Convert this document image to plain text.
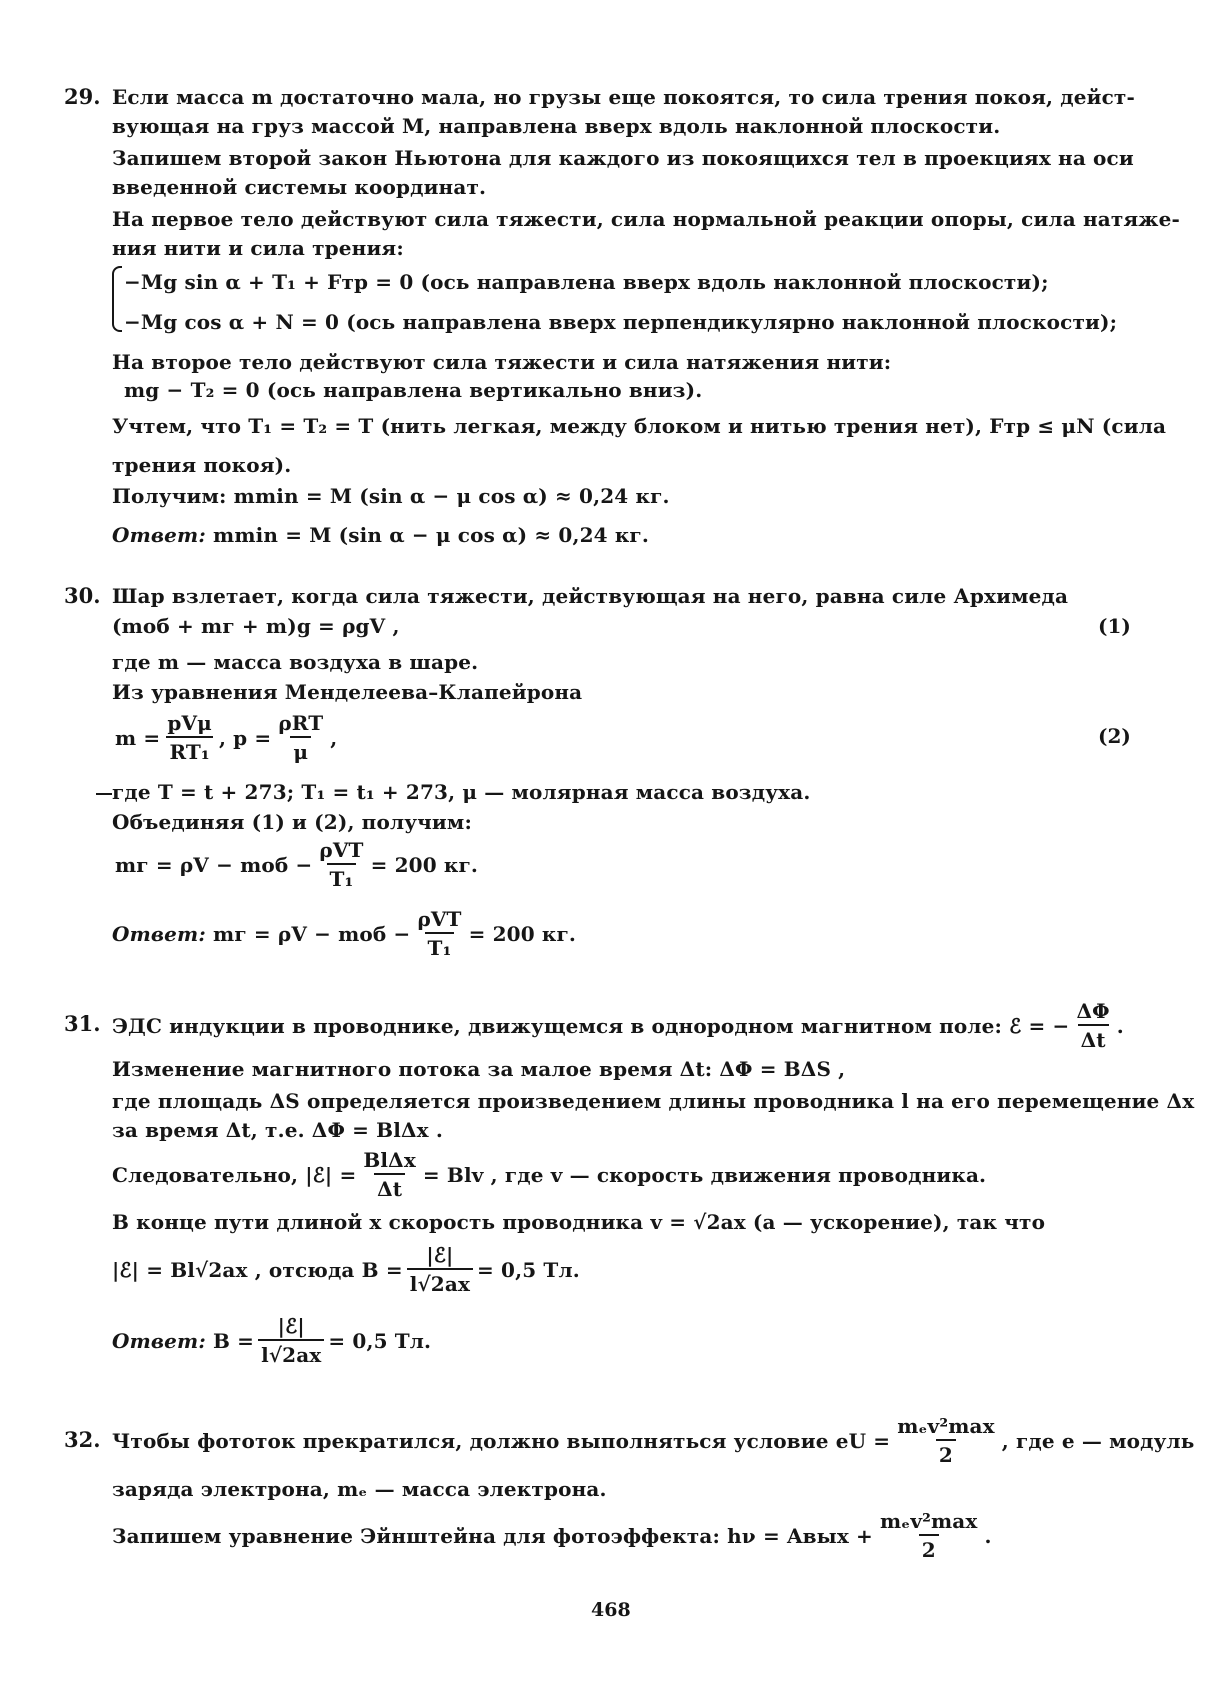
29. Если масса m достаточно мала, но грузы еще покоятся, то сила трения покоя, дейст-
вующая на груз массой M, направлена вверх вдоль наклонной плоскости.
Запишем второй закон Ньютона для каждого из покоящихся тел в проекциях на оси
введенной системы координат.
На первое тело действуют сила тяжести, сила нормальной реакции опоры, сила натяже-
ния нити и сила трения:
−Mg sin α + T₁ + Fтр = 0 (ось направлена вверх вдоль наклонной плоскости);
−Mg cos α + N = 0 (ось направлена вверх перпендикулярно наклонной плоскости);
На второе тело действуют сила тяжести и сила натяжения нити:
mg − T₂ = 0 (ось направлена вертикально вниз).
Учтем, что T₁ = T₂ = T (нить легкая, между блоком и нитью трения нет), Fтр ≤ μN (сила
трения покоя).
Получим: mmin = M (sin α − μ cos α) ≈ 0,24 кг.
Ответ: mmin = M (sin α − μ cos α) ≈ 0,24 кг.
30. Шар взлетает, когда сила тяжести, действующая на него, равна силе Архимеда
(mоб + mг + m)g = ρgV ,	(1)
где m — масса воздуха в шаре.
Из уравнения Менделеева–Клапейрона
$m = \frac{\text{pVμ}}{\text{RT₁}}$ , $p = \frac{\text{ρRT}}{\mu}$ ,	(2)
где T = t + 273; T₁ = t₁ + 273, μ — молярная масса воздуха.
Объединяя (1) и (2), получим:
mг = ρV − mоб − $\frac{\text{ρVT}}{\text{T₁}} = 200$ кг.
Ответ:
mг = ρV − mоб − $\frac{\text{ρVT}}{\text{T₁}} = 200$ кг.
31. ЭДС индукции в проводнике, движущемся в однородном магнитном поле:
ℰ = − $\frac{\Delta\Phi}{\Delta t}$ .
Изменение магнитного потока за малое время Δt: ΔΦ = BΔS ,
где площадь ΔS определяется произведением длины проводника l на его перемещение Δx
за время Δt, т.е. ΔΦ = BlΔx .
Следовательно, |ℰ| = $\frac{\text{BlΔx}}{\Delta t}$ = Blv , где v — скорость движения проводника.
В конце пути длиной x скорость проводника v = √2ax (a — ускорение), так что
|ℰ| = Bl√2ax , отсюда $B = \frac{\text{|ℰ|}}{l√2ax} = 0,5$ Тл.
Ответ:
$B = \frac{\text{|ℰ|}}{l√2ax} = 0,5$ Тл.
32. Чтобы фототок прекратился, должно выполняться условие eU = $\frac{\text{mₑv²max}}{2}$ , где e — модуль
заряда электрона, mₑ — масса электрона.
Запишем уравнение Эйнштейна для фотоэффекта: hν = Aвых + $\frac{\text{mₑv²max}}{2}$ .
468
